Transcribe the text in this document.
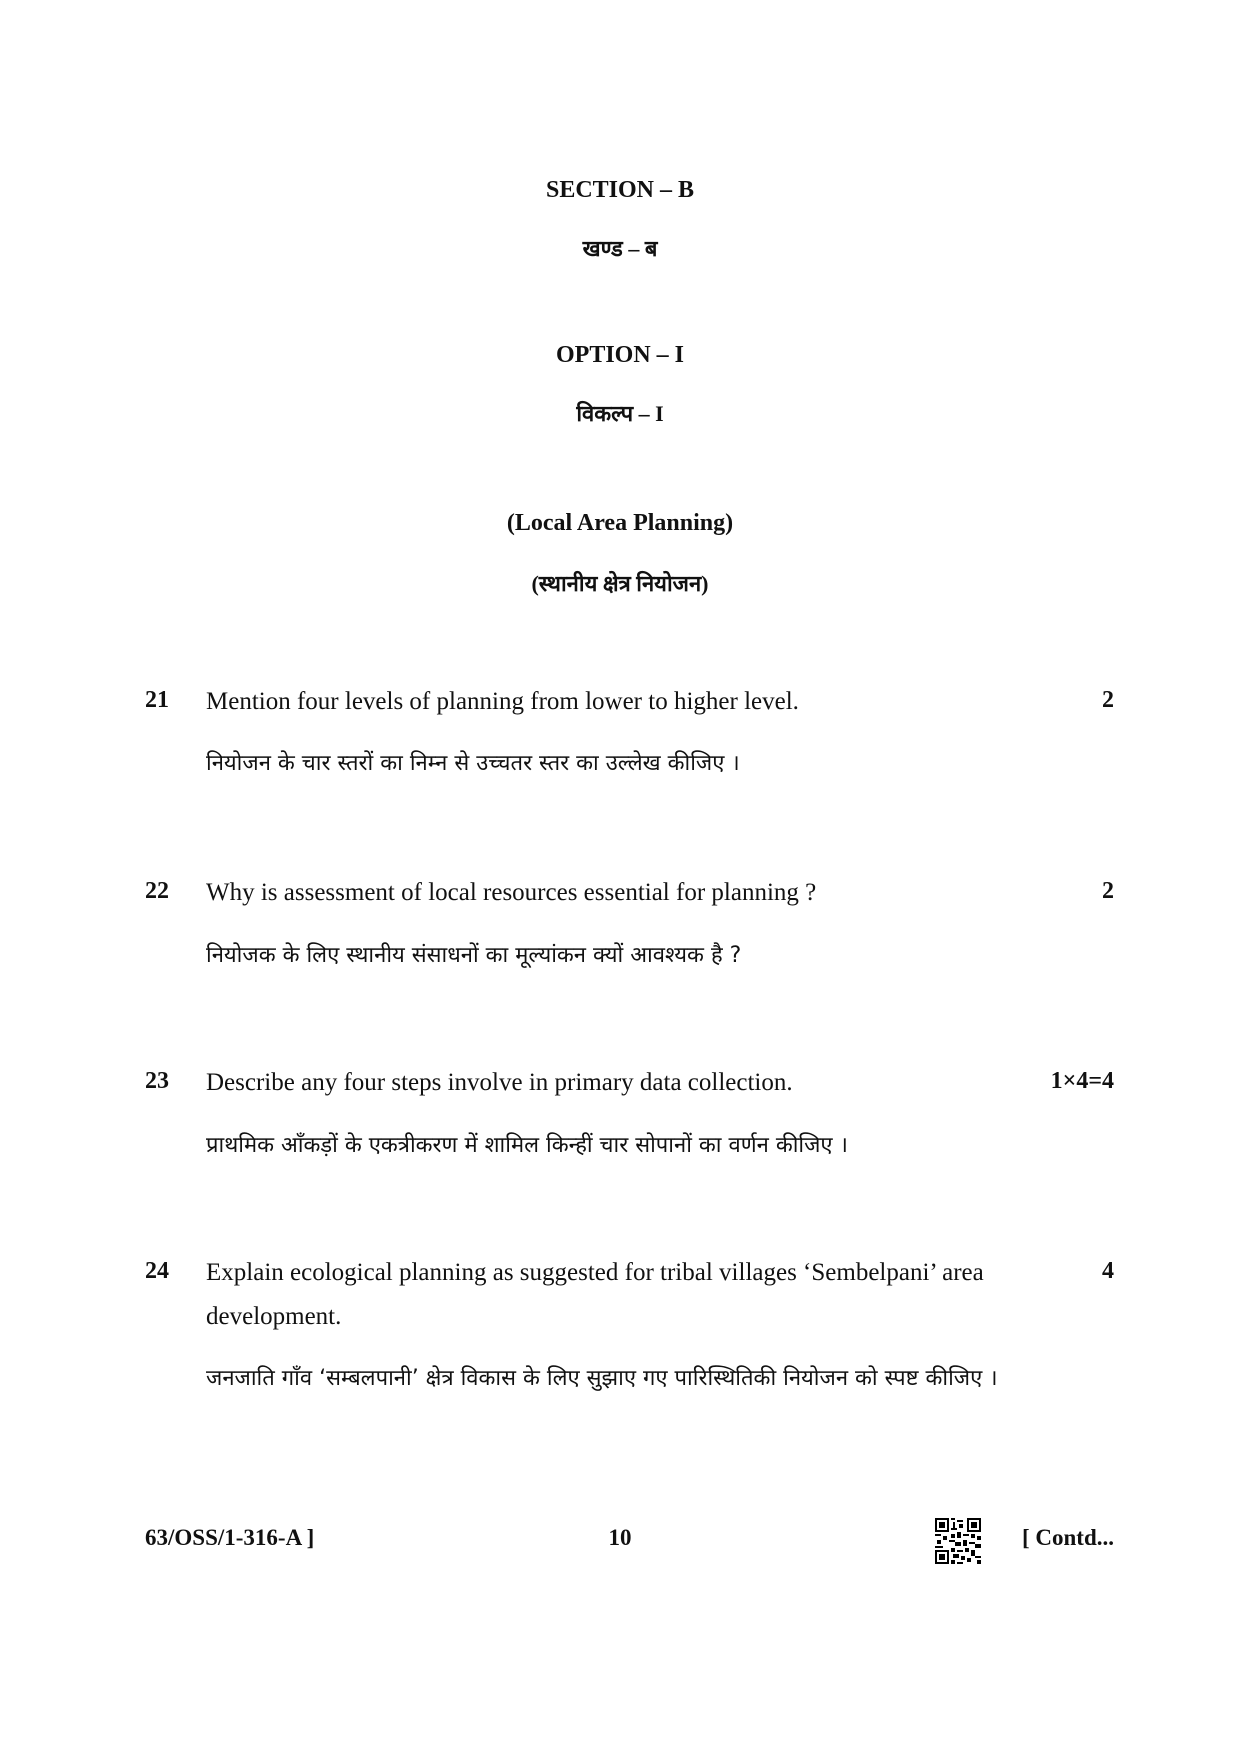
SECTION – B
खण्ड – ब
OPTION – I
विकल्प – I
(Local Area Planning)
(स्थानीय क्षेत्र नियोजन)
21 Mention four levels of planning from lower to higher level.	2
नियोजन के चार स्तरों का निम्न से उच्चतर स्तर का उल्लेख कीजिए ।
22 Why is assessment of local resources essential for planning ?	2
नियोजक के लिए स्थानीय संसाधनों का मूल्यांकन क्यों आवश्यक है ?
23 Describe any four steps involve in primary data collection.	1×4=4
प्राथमिक आँकड़ों के एकत्रीकरण में शामिल किन्हीं चार सोपानों का वर्णन कीजिए ।
24 Explain ecological planning as suggested for tribal villages ‘Sembelpani’ area development.
4
जनजाति गाँव ‘सम्बलपानी’ क्षेत्र विकास के लिए सुझाए गए पारिस्थितिकी नियोजन को स्पष्ट कीजिए ।
63/OSS/1-316-A ]	10	[ Contd...
